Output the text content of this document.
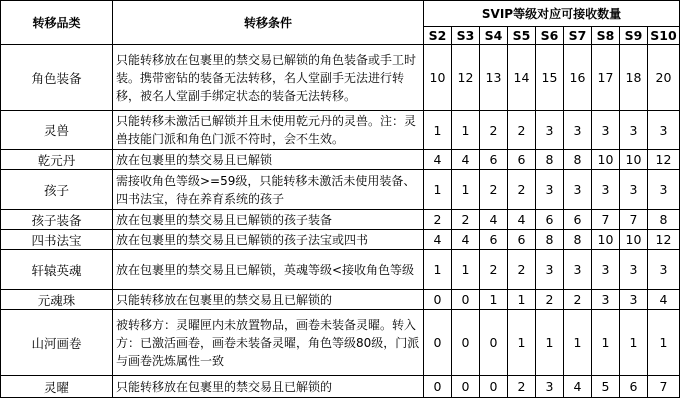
转移品类	转移条件	SVIP等级对应可接收数量								
		S2	S3	S4	S5	S6	S7	S8	S9	S10
角色装备	只能转移放在包裹里的禁交易已解锁的角色装备或手工时装。携带密钻的装备无法转移，名人堂副手无法进行转移，被名人堂副手绑定状态的装备无法转移。	10	12	13	14	15	16	17	18	20
灵兽	只能转移未激活已解锁并且未使用乾元丹的灵兽。注：灵兽技能门派和角色门派不符时，会不生效。	1	1	2	2	3	3	3	3	3
乾元丹	放在包裹里的禁交易且已解锁	4	4	6	6	8	8	10	10	12
孩子	需接收角色等级>=59级，只能转移未激活未使用装备、四书法宝，待在养育系统的孩子	1	1	2	2	3	3	3	3	3
孩子装备	放在包裹里的禁交易且已解锁的孩子装备	2	2	4	4	6	6	7	7	8
四书法宝	放在包裹里的禁交易且已解锁的孩子法宝或四书	4	4	6	6	8	8	10	10	12
轩辕英魂	放在包裹里的禁交易且已解锁，英魂等级<接收角色等级	1	1	2	2	3	3	3	3	3
元魂珠	只能转移放在包裹里的禁交易且已解锁的	0	0	1	1	2	2	3	3	4
山河画卷	被转移方：灵曜匣内未放置物品，画卷未装备灵曜。转入方：已激活画卷，画卷未装备灵曜，角色等级80级，门派与画卷洗炼属性一致	0	0	0	1	1	1	1	1	1
灵曜	只能转移放在包裹里的禁交易且已解锁的	0	0	0	2	3	4	5	6	7
